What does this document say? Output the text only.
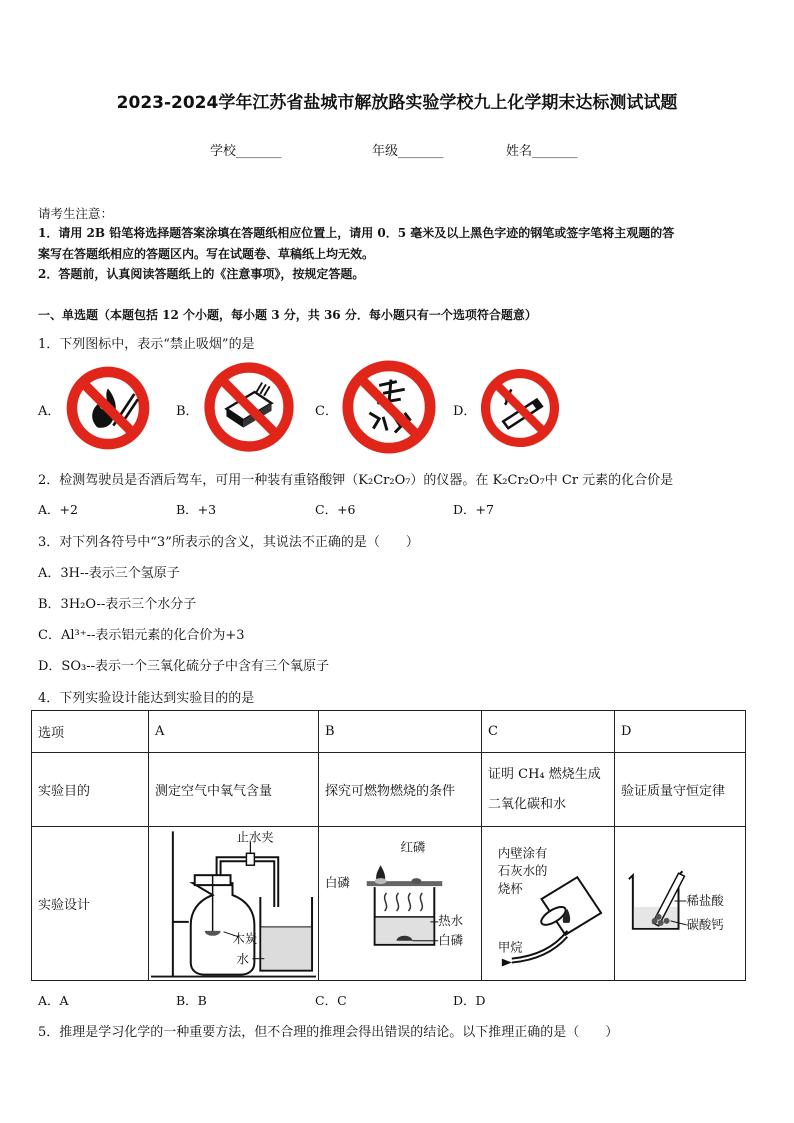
2023-2024学年江苏省盐城市解放路实验学校九上化学期末达标测试试题
学校_______	年级_______	姓名_______
请考生注意：
1．请用 2B 铅笔将选择题答案涂填在答题纸相应位置上，请用 0．5 毫米及以上黑色字迹的钢笔或签字笔将主观题的答
案写在答题纸相应的答题区内。写在试题卷、草稿纸上均无效。
2．答题前，认真阅读答题纸上的《注意事项》，按规定答题。
一、单选题（本题包括 12 个小题，每小题 3 分，共 36 分．每小题只有一个选项符合题意）
1．下列图标中，表示“禁止吸烟”的是
A．	B．	C．	D．
2．检测驾驶员是否酒后驾车，可用一种装有重铬酸钾（K₂Cr₂O₇）的仪器。在 K₂Cr₂O₇中 Cr 元素的化合价是
A．+2	B．+3	C．+6	D．+7
3．对下列各符号中“3”所表示的含义，其说法不正确的是（　　）
A．3H--表示三个氢原子
B．3H₂O--表示三个水分子
C．Al³⁺--表示铝元素的化合价为+3
D．SO₃--表示一个三氧化硫分子中含有三个氧原子
4．下列实验设计能达到实验目的的是
选项	A	B	C	D
实验目的	测定空气中氧气含量	探究可燃物燃烧的条件	证明 CH₄ 燃烧生成
二氧化碳和水	验证质量守恒定律
实验设计	止水夹
木炭
水	红磷
白磷
热水
白磷	内壁涂有
石灰水的
烧杯
甲烷	稀盐酸
碳酸钙
A．A	B．B	C．C	D．D
5．推理是学习化学的一种重要方法，但不合理的推理会得出错误的结论。以下推理正确的是（　　）
